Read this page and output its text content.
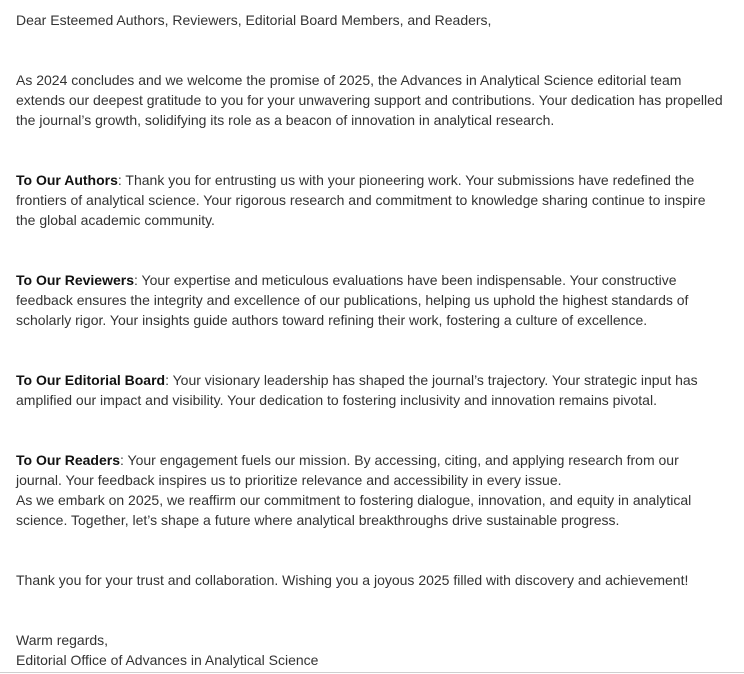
Dear Esteemed Authors, Reviewers, Editorial Board Members, and Readers,
As 2024 concludes and we welcome the promise of 2025, the Advances in Analytical Science editorial team
extends our deepest gratitude to you for your unwavering support and contributions. Your dedication has propelled
the journal’s growth, solidifying its role as a beacon of innovation in analytical research.
To Our Authors: Thank you for entrusting us with your pioneering work. Your submissions have redefined the
frontiers of analytical science. Your rigorous research and commitment to knowledge sharing continue to inspire
the global academic community.
To Our Reviewers: Your expertise and meticulous evaluations have been indispensable. Your constructive
feedback ensures the integrity and excellence of our publications, helping us uphold the highest standards of
scholarly rigor. Your insights guide authors toward refining their work, fostering a culture of excellence.
To Our Editorial Board: Your visionary leadership has shaped the journal’s trajectory. Your strategic input has
amplified our impact and visibility. Your dedication to fostering inclusivity and innovation remains pivotal.
To Our Readers: Your engagement fuels our mission. By accessing, citing, and applying research from our
journal. Your feedback inspires us to prioritize relevance and accessibility in every issue.
As we embark on 2025, we reaffirm our commitment to fostering dialogue, innovation, and equity in analytical
science. Together, let’s shape a future where analytical breakthroughs drive sustainable progress.
Thank you for your trust and collaboration. Wishing you a joyous 2025 filled with discovery and achievement!
Warm regards,
Editorial Office of Advances in Analytical Science
